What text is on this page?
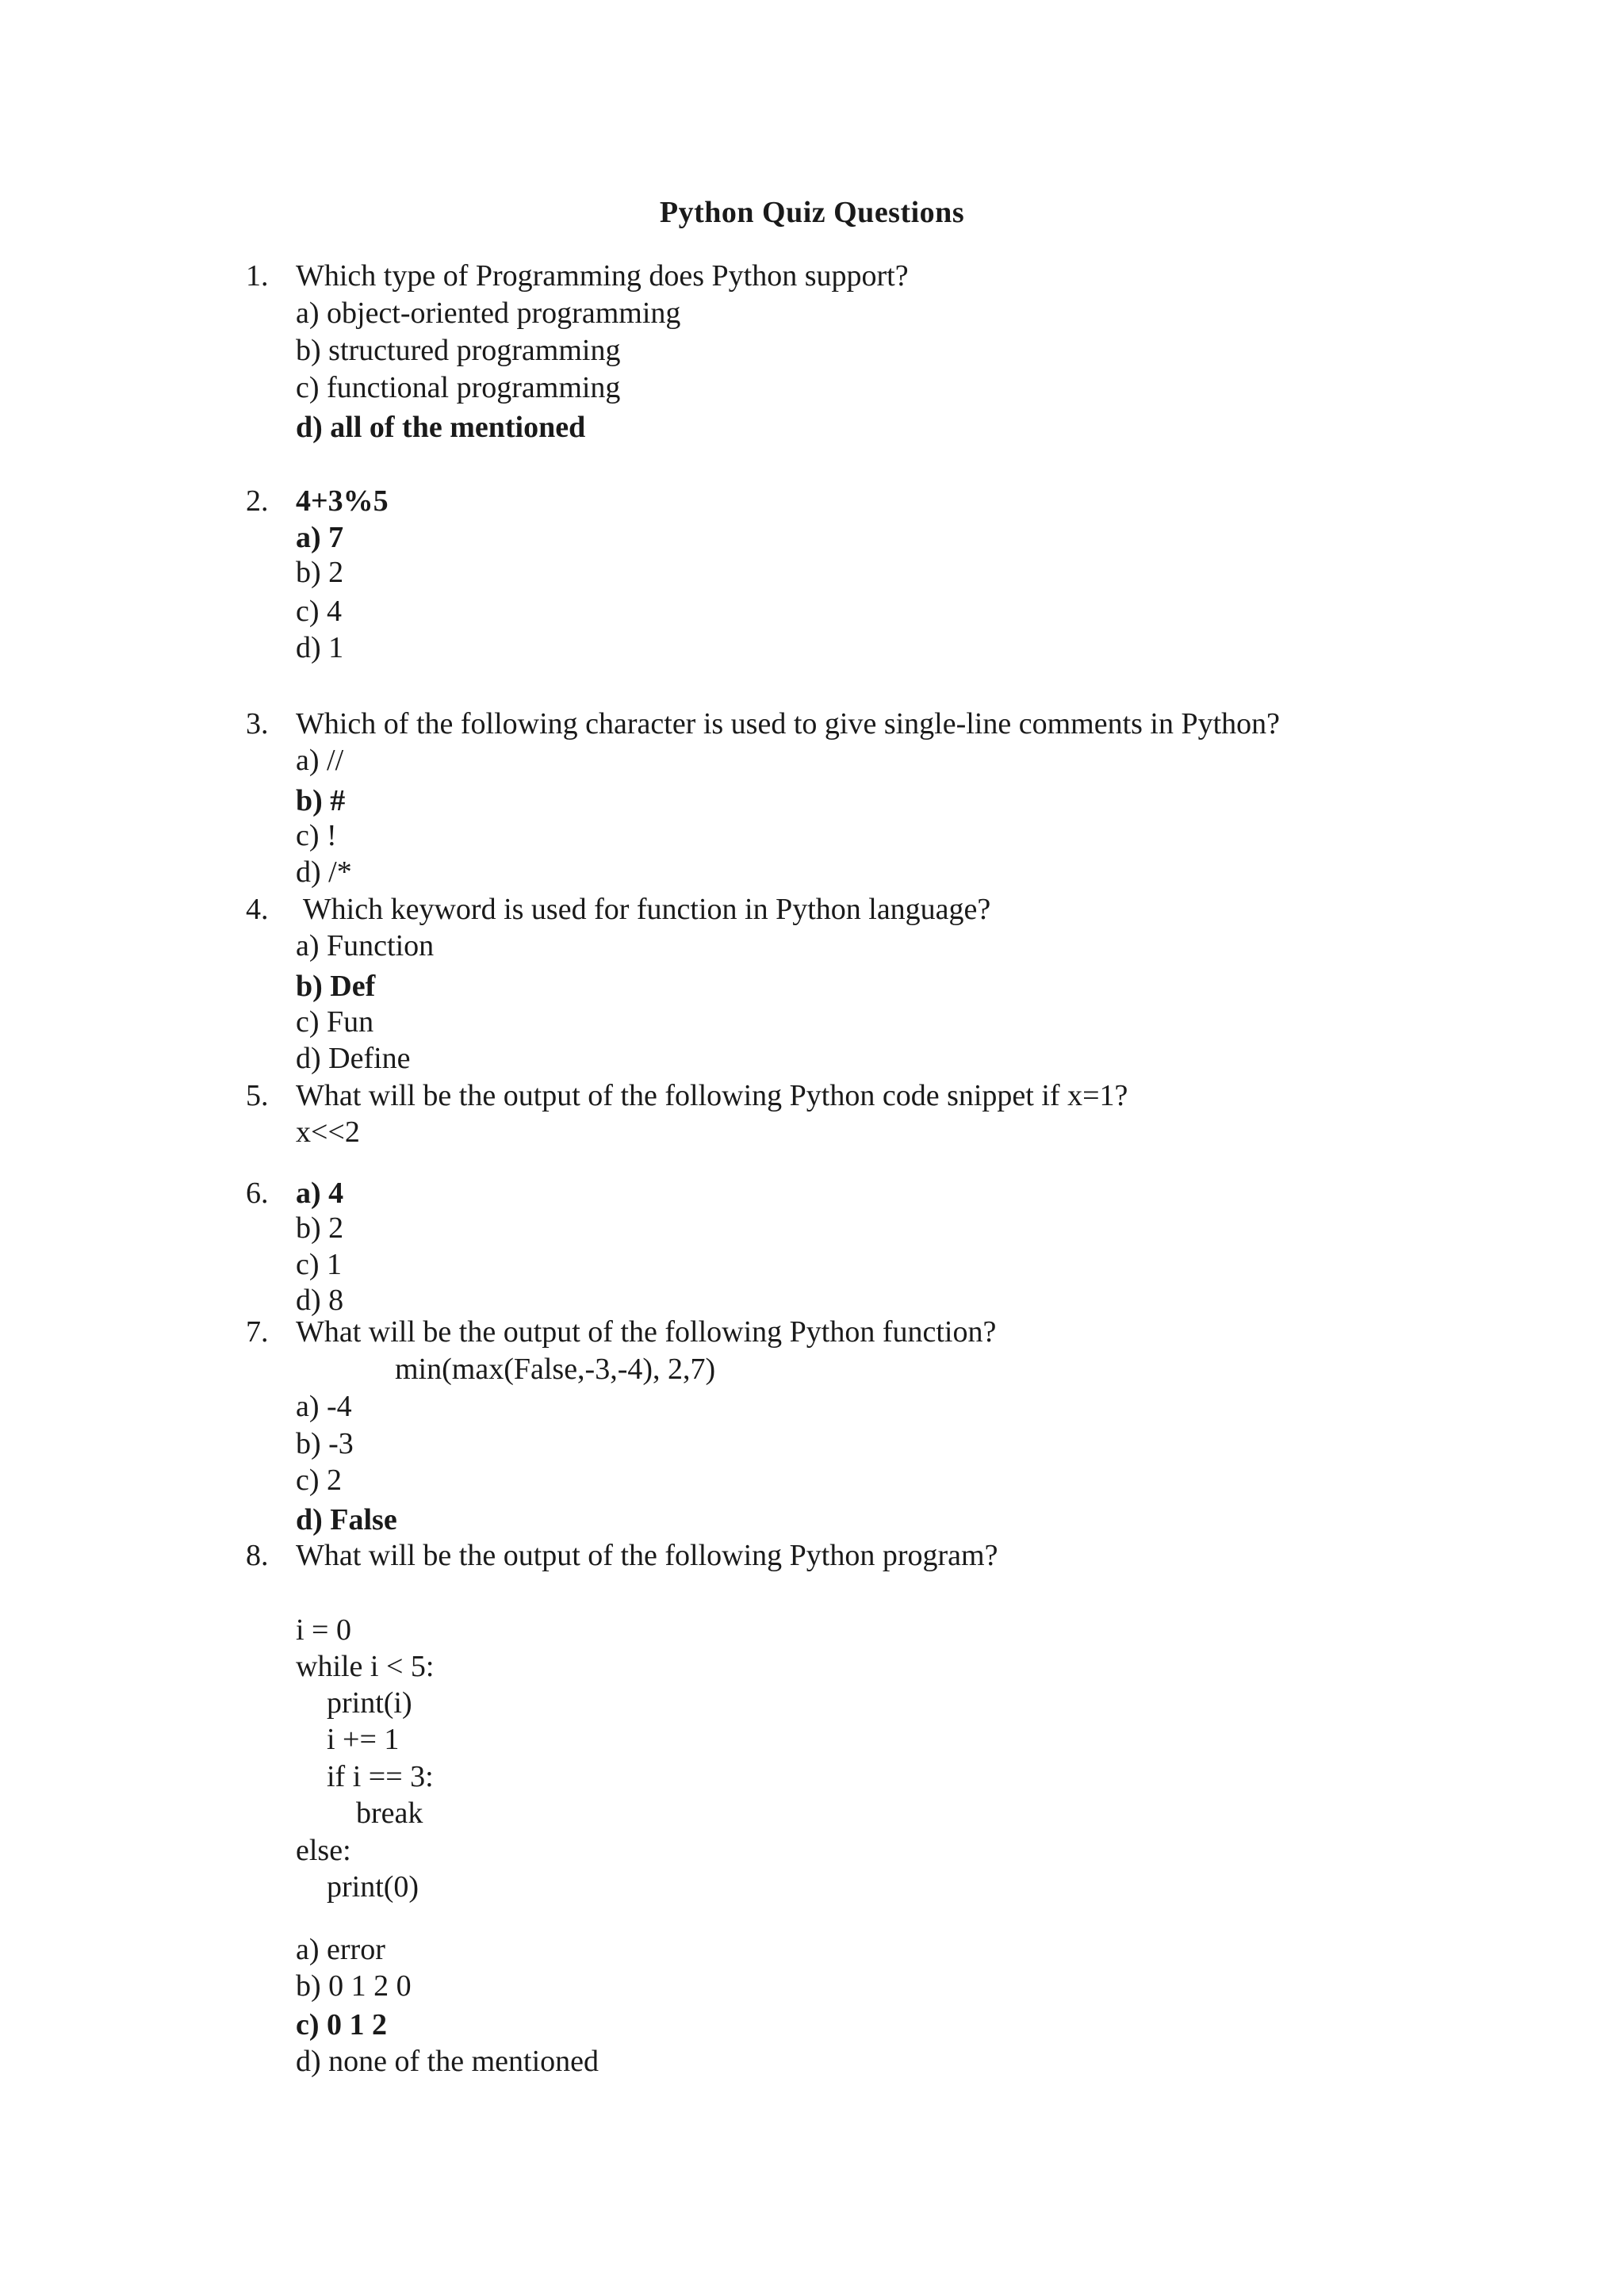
Python Quiz Questions
1. Which type of Programming does Python support?
a) object-oriented programming
b) structured programming
c) functional programming
d) all of the mentioned
2. 4+3%5
a) 7
b) 2
c) 4
d) 1
3. Which of the following character is used to give single-line comments in Python?
a) //
b) #
c) !
d) /*
4. Which keyword is used for function in Python language?
a) Function
b) Def
c) Fun
d) Define
5. What will be the output of the following Python code snippet if x=1?
x<<2
6. a) 4
b) 2
c) 1
d) 8
7. What will be the output of the following Python function?
min(max(False,-3,-4), 2,7)
a) -4
b) -3
c) 2
d) False
8. What will be the output of the following Python program?
i = 0
while i < 5:
print(i)
i += 1
if i == 3:
break
else:
print(0)
a) error
b) 0 1 2 0
c) 0 1 2
d) none of the mentioned
